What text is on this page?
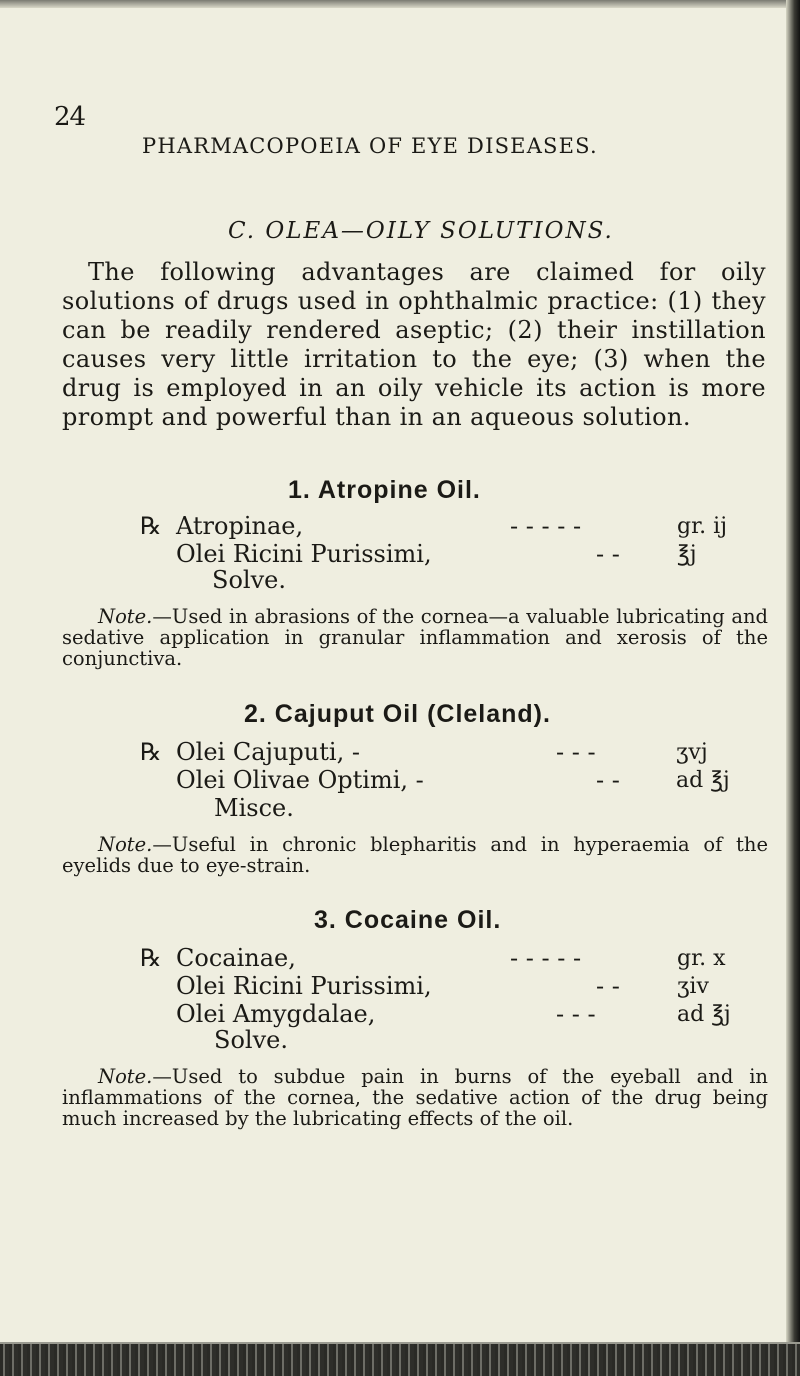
24
PHARMACOPOEIA OF EYE DISEASES.
C. OLEA—OILY SOLUTIONS.

The following advantages are claimed for oily solutions of drugs used in ophthalmic practice: (1) they can be readily rendered aseptic; (2) their instillation causes very little irritation to the eye; (3) when the drug is employed in an oily vehicle its action is more prompt and powerful than in an aqueous solution.

1. Atropine Oil.
℞ Atropinae,	- - - - -	gr. ij
Olei Ricini Purissimi,	- -	℥j
Solve.

Note.—Used in abrasions of the cornea—a valuable lubricating and sedative application in granular inflammation and xerosis of the conjunctiva.

2. Cajuput Oil (Cleland).
℞ Olei Cajuputi, -	- - -	ʒvj
Olei Olivae Optimi, -	- -	ad ℥j
Misce.

Note.—Useful in chronic blepharitis and in hyperaemia of the eyelids due to eye-strain.

3. Cocaine Oil.
℞ Cocainae,	- - - - -	gr. x
Olei Ricini Purissimi,	- -	ʒiv
Olei Amygdalae,	- - -	ad ℥j
Solve.

Note.—Used to subdue pain in burns of the eyeball and in inflammations of the cornea, the sedative action of the drug being much increased by the lubricating effects of the oil.
